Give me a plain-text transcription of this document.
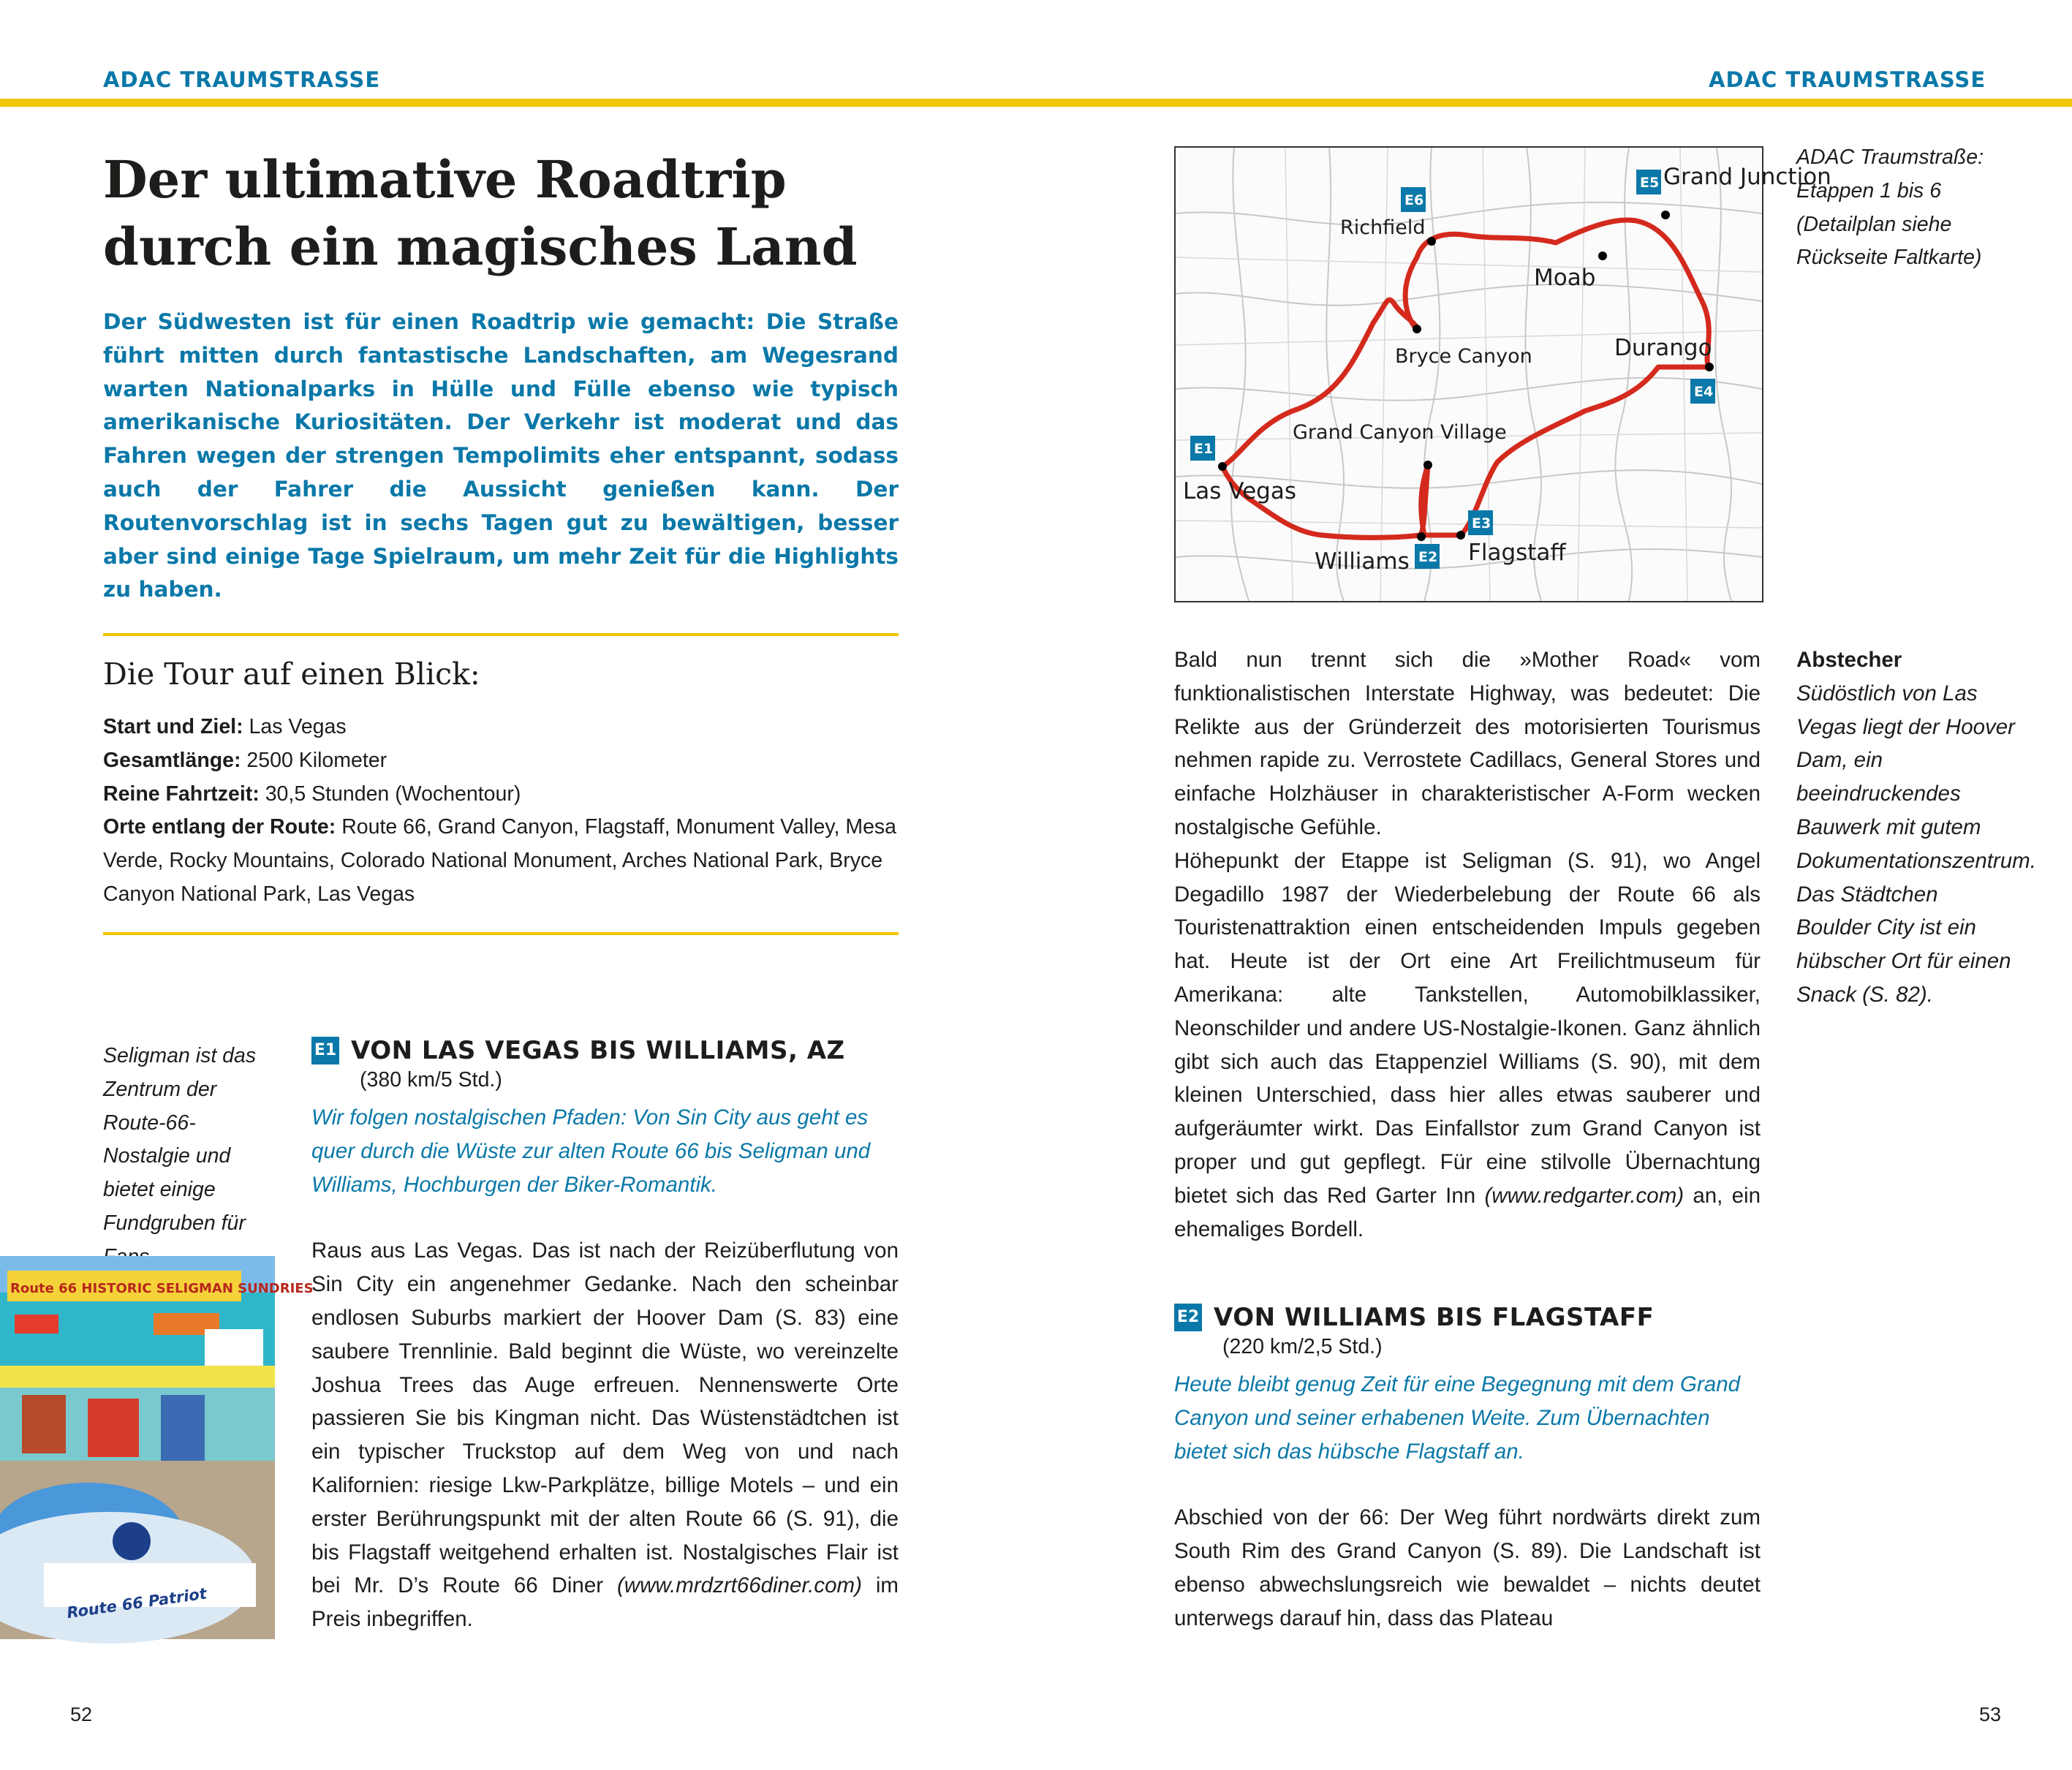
ADAC TRAUMSTRASSE	ADAC TRAUMSTRASSE
Der ultimative Roadtrip
durch ein magisches Land
Der Südwesten ist für einen Roadtrip wie gemacht: Die Straße führt mitten durch fantastische Landschaften, am Wegesrand warten Nationalparks in Hülle und Fülle ebenso wie typisch amerikanische Kuriositäten. Der Verkehr ist moderat und das Fahren wegen der strengen Tempolimits eher entspannt, sodass auch der Fahrer die Aussicht genießen kann. Der Routenvorschlag ist in sechs Tagen gut zu bewältigen, besser aber sind einige Tage Spielraum, um mehr Zeit für die Highlights zu haben.
Die Tour auf einen Blick:
Start und Ziel: Las Vegas
Gesamtlänge: 2500 Kilometer
Reine Fahrtzeit: 30,5 Stunden (Wochentour)
Orte entlang der Route: Route 66, Grand Canyon, Flagstaff, Monument Valley, Mesa Verde, Rocky Mountains, Colorado National Monument, Arches National Park, Bryce Canyon National Park, Las Vegas
Seligman ist das Zentrum der Route-66-Nostalgie und bietet einige Fundgruben für
Route 66 HISTORIC SELIGMAN SUNDRIES
Route 66 Patriot
E1 VON LAS VEGAS BIS WILLIAMS, AZ
(380 km/5 Std.)
Wir folgen nostalgischen Pfaden: Von Sin City aus geht es quer durch die Wüste zur alten Route 66 bis Seligman und Williams, Hochburgen der Biker-Romantik.
Raus aus Las Vegas. Das ist nach der Reizüberflutung von Sin City ein angenehmer Gedanke. Nach den scheinbar endlosen Suburbs markiert der Hoover Dam (S. 83) eine saubere Trennlinie. Bald beginnt die Wüste, wo vereinzelte Joshua Trees das Auge erfreuen. Nennenswerte Orte passieren Sie bis Kingman nicht. Das Wüstenstädtchen ist ein typischer Truckstop auf dem Weg von und nach Kalifornien: riesige Lkw-Parkplätze, billige Motels – und ein erster Berührungspunkt mit der alten Route 66 (S. 91), die bis Flagstaff weitgehend erhalten ist. Nostalgisches Flair ist bei Mr. D’s Route 66 Diner (www.mrdzrt66diner.com) im Preis inbegriffen.
Grand Junction
Richfield
Moab
Bryce Canyon	Durango
Grand Canyon Village
Las Vegas
Williams	Flagstaff
E1
E2
E3
E4
E5
E6
ADAC Traumstraße: Etappen 1 bis 6 (Detailplan siehe Rückseite Faltkarte)
Bald nun trennt sich die »Mother Road« vom funktionalistischen Interstate Highway, was bedeutet: Die Relikte aus der Gründerzeit des motorisierten Tourismus nehmen rapide zu. Verrostete Cadillacs, General Stores und einfache Holzhäuser in charakteristischer A-Form wecken nostalgische Gefühle.
Höhepunkt der Etappe ist Seligman (S. 91), wo Angel Degadillo 1987 der Wiederbelebung der Route 66 als Touristenattraktion einen entscheidenden Impuls gegeben hat. Heute ist der Ort eine Art Freilichtmuseum für Amerikana: alte Tankstellen, Automobilklassiker, Neonschilder und andere US-Nostalgie-Ikonen. Ganz ähnlich gibt sich auch das Etappenziel Williams (S. 90), mit dem kleinen Unterschied, dass hier alles etwas sauberer und aufgeräumter wirkt. Das Einfallstor zum Grand Canyon ist proper und gut gepflegt. Für eine stilvolle Übernachtung bietet sich das Red Garter Inn (www.redgarter.com) an, ein ehemaliges Bordell.
Abstecher
Südöstlich von Las Vegas liegt der Hoover Dam, ein beeindruckendes Bauwerk mit gutem Dokumentationszentrum. Das Städtchen Boulder City ist ein hübscher Ort für einen Snack (S. 82).
E2 VON WILLIAMS BIS FLAGSTAFF
(220 km/2,5 Std.)
Heute bleibt genug Zeit für eine Begegnung mit dem Grand Canyon und seiner erhabenen Weite. Zum Übernachten bietet sich das hübsche Flagstaff an.
Abschied von der 66: Der Weg führt nordwärts direkt zum South Rim des Grand Canyon (S. 89). Die Landschaft ist ebenso abwechslungsreich wie bewaldet – nichts deutet unterwegs darauf hin, dass das Plateau
52	53
